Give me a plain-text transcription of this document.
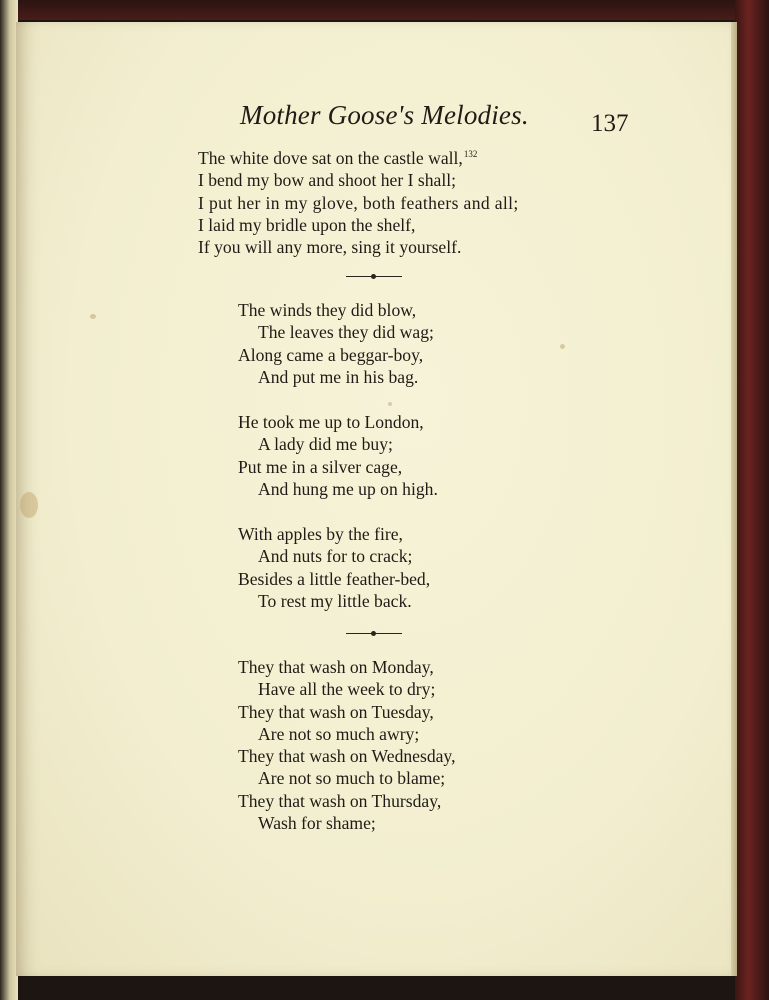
Mother Goose's Melodies. 137
The white dove sat on the castle wall,$^{132}$
I bend my bow and shoot her I shall;
I put her in my glove, both feathers and all;
I laid my bridle upon the shelf,
If you will any more, sing it yourself.
The winds they did blow,
The leaves they did wag;
Along came a beggar-boy,
And put me in his bag.
He took me up to London,
A lady did me buy;
Put me in a silver cage,
And hung me up on high.
With apples by the fire,
And nuts for to crack;
Besides a little feather-bed,
To rest my little back.
They that wash on Monday,
Have all the week to dry;
They that wash on Tuesday,
Are not so much awry;
They that wash on Wednesday,
Are not so much to blame;
They that wash on Thursday,
Wash for shame;
